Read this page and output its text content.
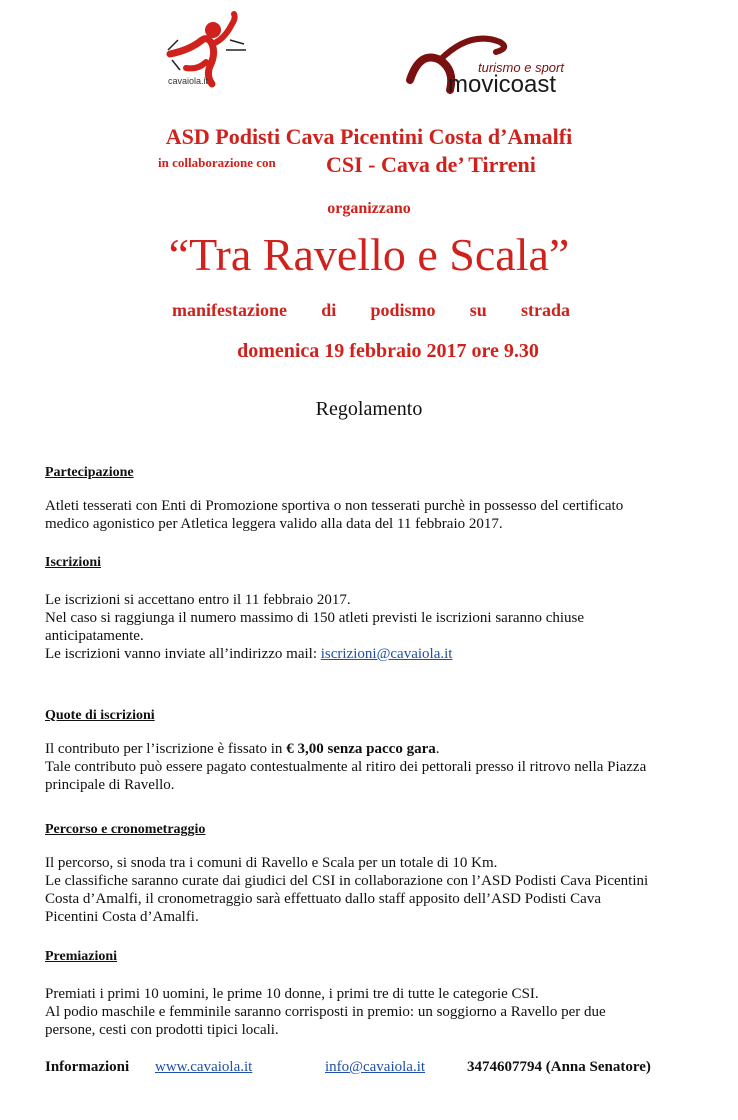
cavaiola.it
turismo e sport
movicoast
ASD Podisti Cava Picentini Costa d’Amalfi
in collaborazione con CSI - Cava de’ Tirreni
organizzano
“Tra Ravello e Scala”
manifestazione di podismo su strada
domenica 19 febbraio 2017 ore 9.30
Regolamento
Partecipazione
Atleti tesserati con Enti di Promozione sportiva o non tesserati purchè in possesso del certificato
medico agonistico per Atletica leggera valido alla data del 11 febbraio 2017.
Iscrizioni
Le iscrizioni si accettano entro il 11 febbraio 2017.
Nel caso si raggiunga il numero massimo di 150 atleti previsti le iscrizioni saranno chiuse
anticipatamente.
Le iscrizioni vanno inviate all’indirizzo mail: iscrizioni@cavaiola.it
Quote di iscrizioni
Il contributo per l’iscrizione è fissato in € 3,00 senza pacco gara.
Tale contributo può essere pagato contestualmente al ritiro dei pettorali presso il ritrovo nella Piazza
principale di Ravello.
Percorso e cronometraggio
Il percorso, si snoda tra i comuni di Ravello e Scala per un totale di 10 Km.
Le classifiche saranno curate dai giudici del CSI in collaborazione con l’ASD Podisti Cava Picentini
Costa d’Amalfi, il cronometraggio sarà effettuato dallo staff apposito dell’ASD Podisti Cava
Picentini Costa d’Amalfi.
Premiazioni
Premiati i primi 10 uomini, le prime 10 donne, i primi tre di tutte le categorie CSI.
Al podio maschile e femminile saranno corrisposti in premio: un soggiorno a Ravello per due
persone, cesti con prodotti tipici locali.
Informazioni www.cavaiola.it	info@cavaiola.it	3474607794 (Anna Senatore)
